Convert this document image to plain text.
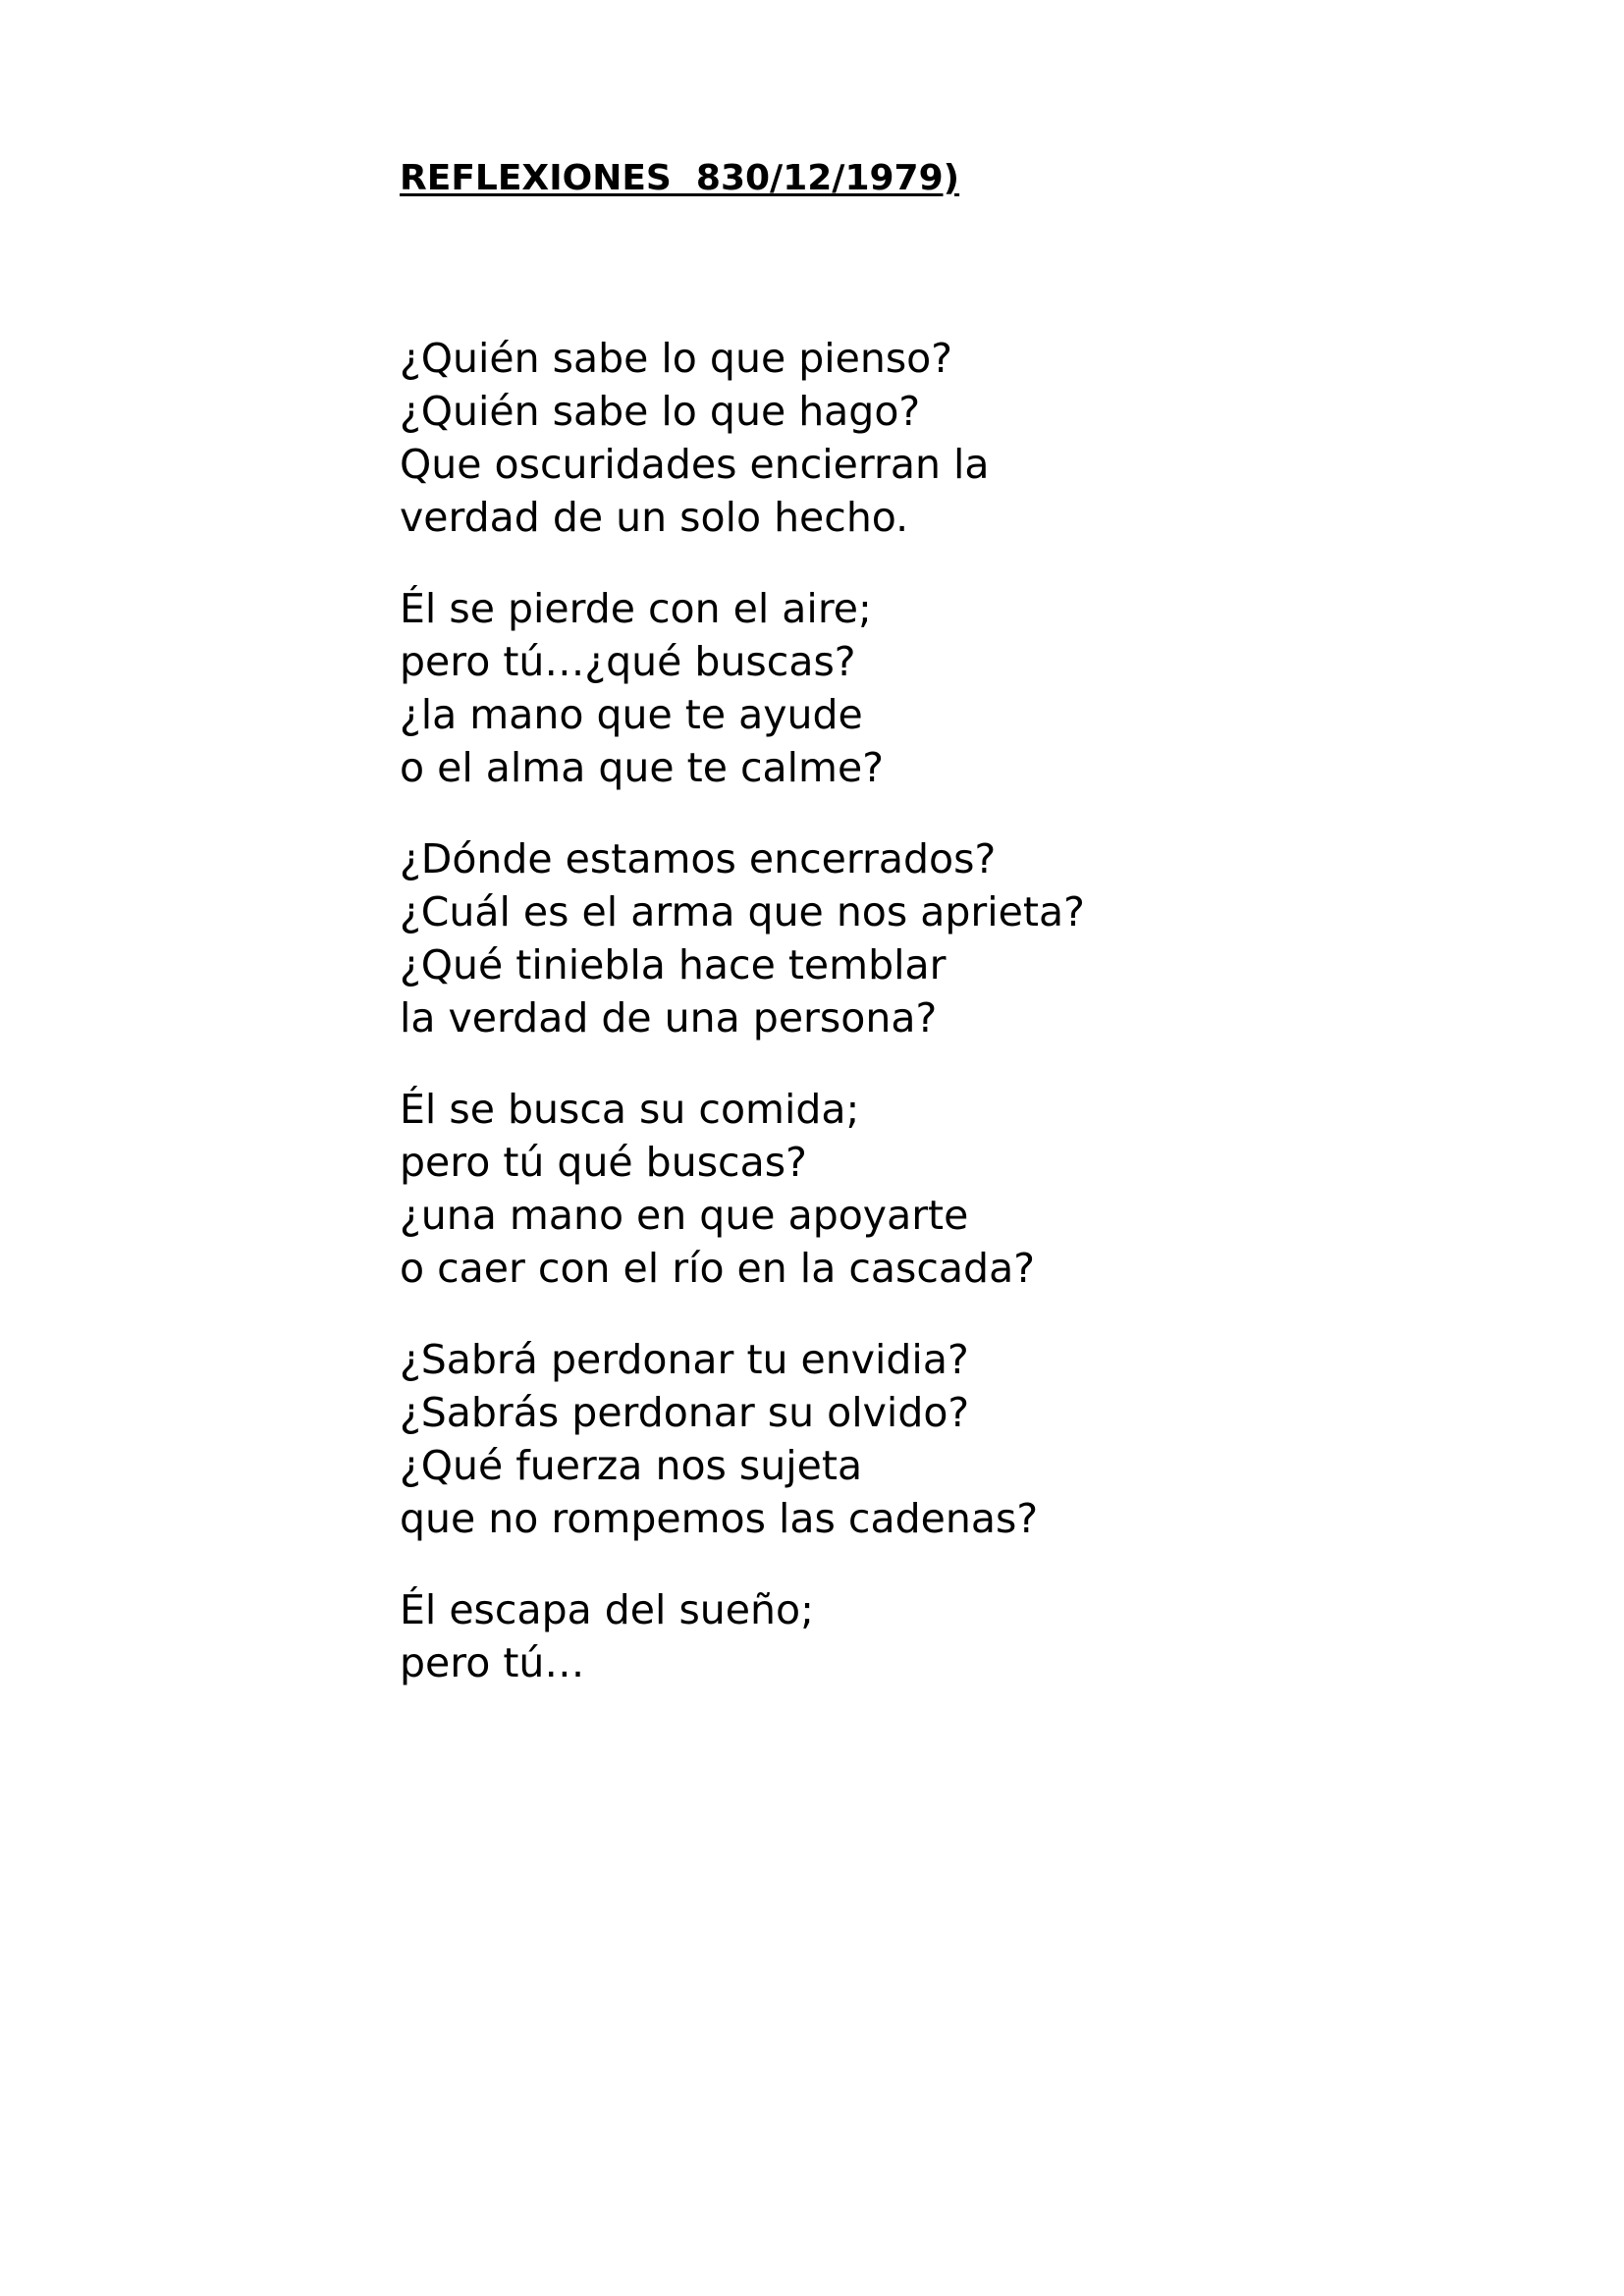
REFLEXIONES  830/12/1979)
¿Quién sabe lo que pienso?
¿Quién sabe lo que hago?
Que oscuridades encierran la
verdad de un solo hecho.
Él se pierde con el aire;
pero tú…¿qué buscas?
¿la mano que te ayude
o el alma que te calme?
¿Dónde estamos encerrados?
¿Cuál es el arma que nos aprieta?
¿Qué tiniebla hace temblar
la verdad de una persona?
Él se busca su comida;
pero tú qué buscas?
¿una mano en que apoyarte
o caer con el río en la cascada?
¿Sabrá perdonar tu envidia?
¿Sabrás perdonar su olvido?
¿Qué fuerza nos sujeta
que no rompemos las cadenas?
Él escapa del sueño;
pero tú…
